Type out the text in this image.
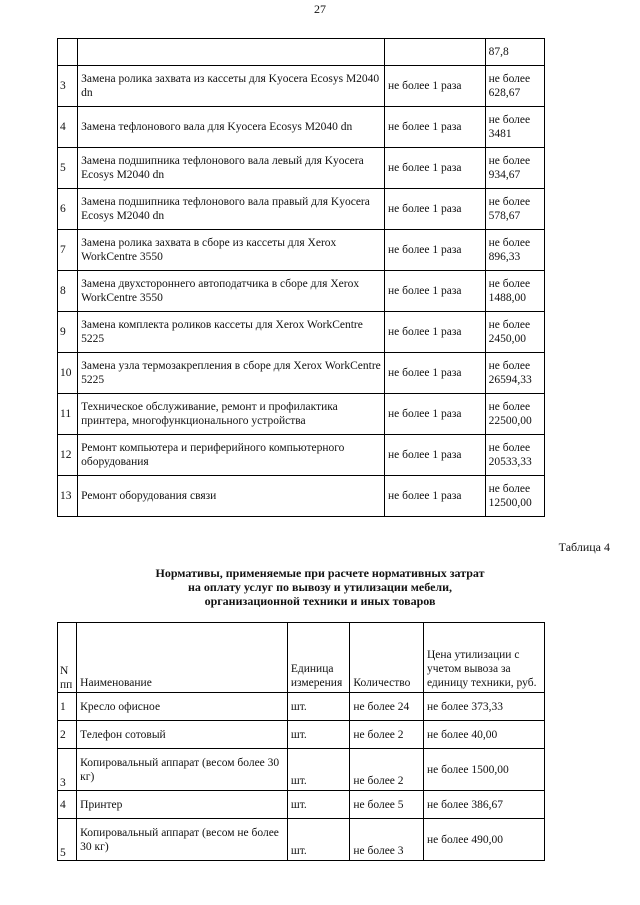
27
			87,8
3	Замена ролика захвата из кассеты для Kyocera Ecosys M2040 dn	не более 1 раза	не более 628,67
4	Замена тефлонового вала для Kyocera Ecosys M2040 dn	не более 1 раза	не более 3481
5	Замена подшипника тефлонового вала левый для Kyocera Ecosys M2040 dn	не более 1 раза	не более 934,67
6	Замена подшипника тефлонового вала правый для Kyocera Ecosys M2040 dn	не более 1 раза	не более 578,67
7	Замена ролика захвата в сборе из кассеты для Xerox WorkCentre 3550	не более 1 раза	не более 896,33
8	Замена двухстороннего автоподатчика в сборе для Xerox WorkCentre 3550	не более 1 раза	не более 1488,00
9	Замена комплекта роликов кассеты для Xerox WorkCentre 5225	не более 1 раза	не более 2450,00
10	Замена узла термозакрепления в сборе для Xerox WorkCentre 5225	не более 1 раза	не более 26594,33
11	Техническое обслуживание, ремонт и профилактика принтера, многофункционального устройства	не более 1 раза	не более 22500,00
12	Ремонт компьютера и периферийного компьютерного оборудования	не более 1 раза	не более 20533,33
13	Ремонт оборудования связи	не более 1 раза	не более 12500,00
Таблица 4
Нормативы, применяемые при расчете нормативных затрат
на оплату услуг по вывозу и утилизации мебели,
организационной техники и иных товаров
N пп	Наименование	Единица измерения	Количество	Цена утилизации с учетом вывоза за единицу техники, руб.
1	Кресло офисное	шт.	не более 24	не более 373,33
2	Телефон сотовый	шт.	не более 2	не более 40,00
3	Копировальный аппарат (весом более 30 кг)	шт.	не более 2	не более 1500,00
4	Принтер	шт.	не более 5	не более 386,67
5	Копировальный аппарат (весом не более 30 кг)	шт.	не более 3	не более 490,00
